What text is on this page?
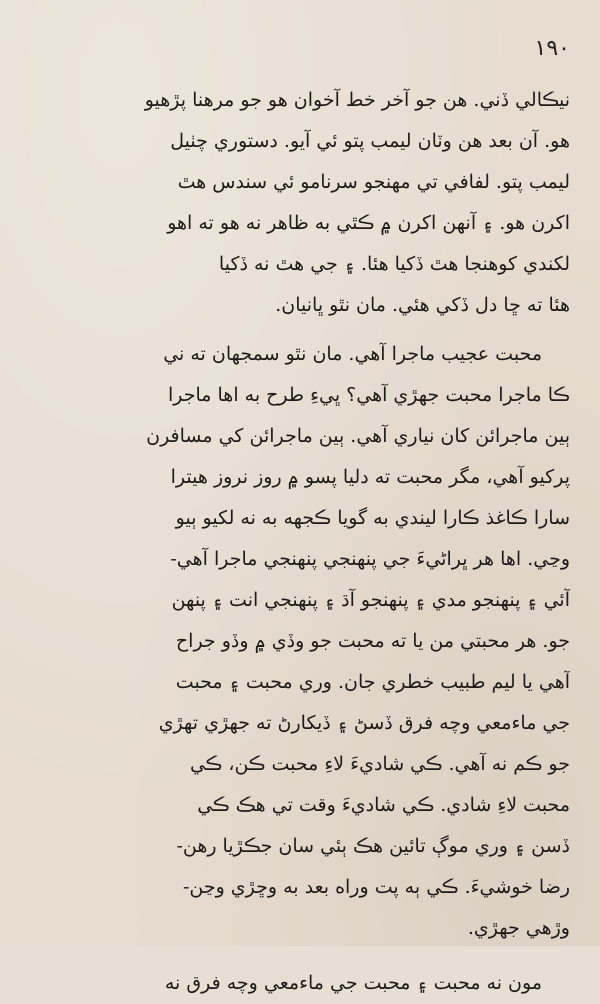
١٩٠
نيڪالي ڏني. هن جو آخر خط آخوان هو جو مرهنا پڙهيو
هو. آن بعد هن وٽان ليمب پتو ئي آيو. دستوري چٺيل
ليمب پتو. لفافي تي مهنجو سرنامو ئي سندس هٿ
اکرن هو. ۽ آنهن اکرن ۾ ڪٿي به ظاهر نه هو ته اهو
لکندي کوهنجا هٿ ڏکيا هئا. ۽ جي هٿ نه ڏکيا
هئا ته ڇا دل ڏکي هئي. مان نٿو ڀانيان.
محبت عجيب ماجرا آهي. مان نٿو سمجهان ته ني
ڪا ماجرا محبت جهڙي آهي؟ ڀيءِ طرح به اها ماجرا
ٻين ماجرائن کان نياري آهي. ٻين ماجرائن کي مسافرن
پرکيو آهي، مگر محبت ته دليا پسو ۾ روز نروز هيترا
سارا ڪاغذ ڪارا ليندي به گويا ڪجهه به نه لکيو ٻيو
وڃي. اها هر ڀراڻيءَ جي پنهنجي پنهنجي ماجرا آهي-
آئي ۽ پنهنجو مدي ۽ پنهنجو آڌ ۽ پنهنجي انت ۽ پنهن
جو. هر محبتي من يا ته محبت جو وڏي ۾ وڏو جراح
آهي يا ليم طبيب خطري جان. وري محبت ۽ محبت
جي ماءمعي وچه فرق ڏسڻ ۽ ڏيکارڻ ته جهڙي تهڙي
جو ڪم نه آهي. ڪي شاديءَ لاءِ محبت ڪن، ڪي
محبت لاءِ شادي. ڪي شاديءَ وقت تي هڪ ڪي
ڏسن ۽ وري موڳ تائين هڪ ٻئي سان جڪڙيا رهن-
رضا خوشيءَ. ڪي ٻه پت وراه بعد به وڇڙي وڃن-
وڙهي جهڙي.
مون نه محبت ۽ محبت جي ماءمعي وچه فرق نه
